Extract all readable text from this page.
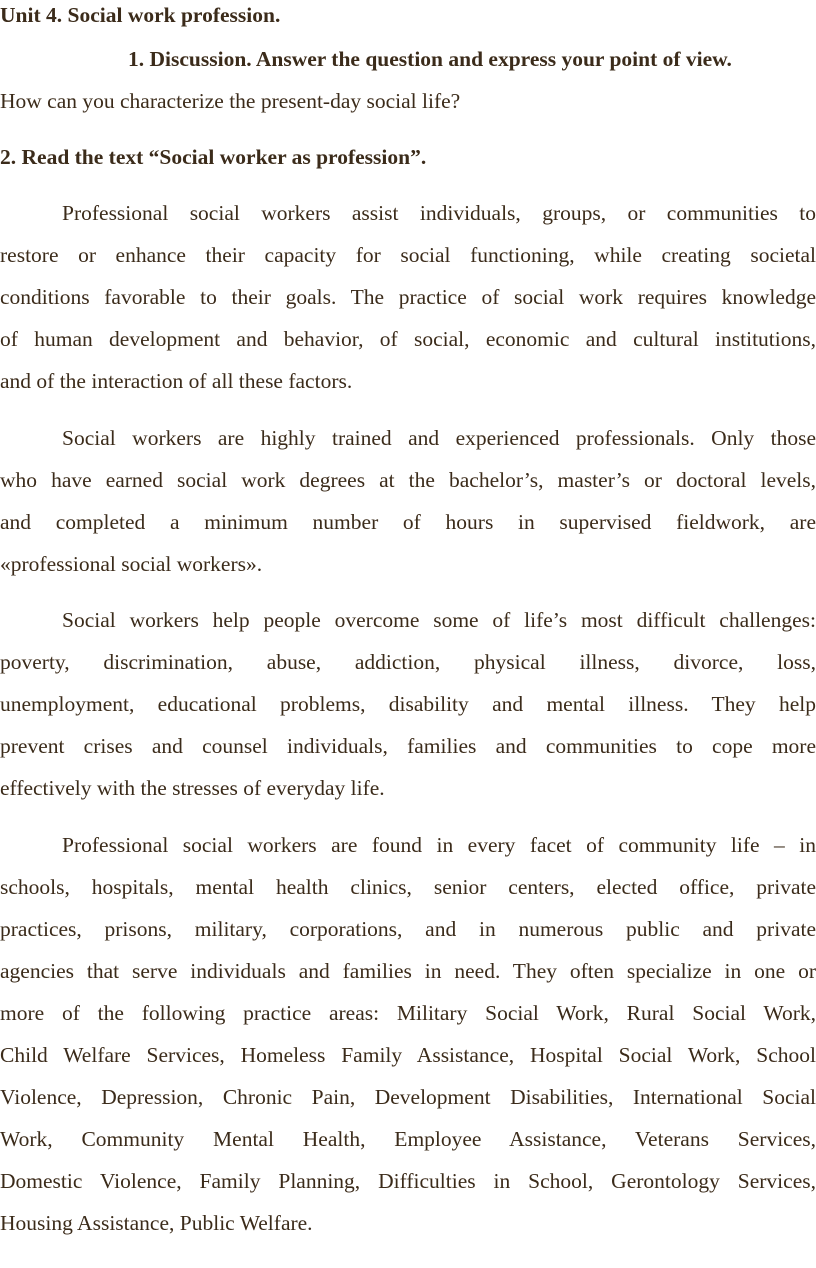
Unit 4. Social work profession.
1. Discussion. Answer the question and express your point of view.
How can you characterize the present-day social life?
2. Read the text “Social worker as profession”.
Professional social workers assist individuals, groups, or communities to
restore or enhance their capacity for social functioning, while creating societal
conditions favorable to their goals. The practice of social work requires knowledge
of human development and behavior, of social, economic and cultural institutions,
and of the interaction of all these factors.
Social workers are highly trained and experienced professionals. Only those
who have earned social work degrees at the bachelor’s, master’s or doctoral levels,
and completed a minimum number of hours in supervised fieldwork, are
«professional social workers».
Social workers help people overcome some of life’s most difficult challenges:
poverty, discrimination, abuse, addiction, physical illness, divorce, loss,
unemployment, educational problems, disability and mental illness. They help
prevent crises and counsel individuals, families and communities to cope more
effectively with the stresses of everyday life.
Professional social workers are found in every facet of community life – in
schools, hospitals, mental health clinics, senior centers, elected office, private
practices, prisons, military, corporations, and in numerous public and private
agencies that serve individuals and families in need. They often specialize in one or
more of the following practice areas: Military Social Work, Rural Social Work,
Child Welfare Services, Homeless Family Assistance, Hospital Social Work, School
Violence, Depression, Chronic Pain, Development Disabilities, International Social
Work, Community Mental Health, Employee Assistance, Veterans Services,
Domestic Violence, Family Planning, Difficulties in School, Gerontology Services,
Housing Assistance, Public Welfare.
